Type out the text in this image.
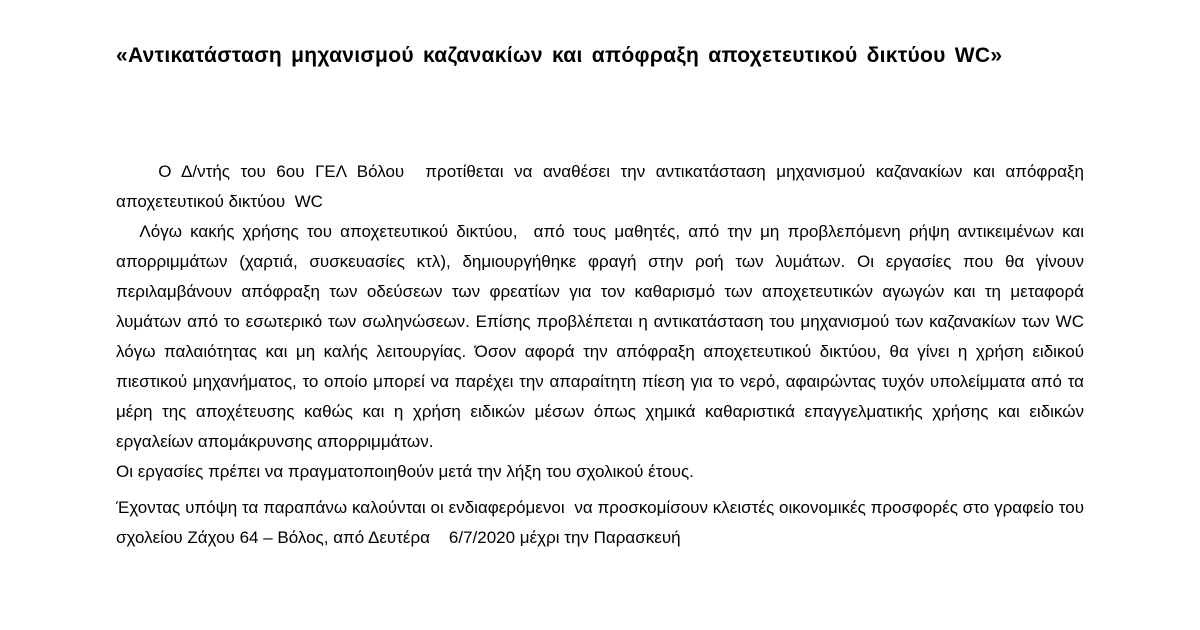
«Αντικατάσταση μηχανισμού καζανακίων και απόφραξη αποχετευτικού δικτύου WC»

Ο Δ/ντής του 6ου ΓΕΛ Βόλου  προτίθεται να αναθέσει την αντικατάσταση μηχανισμού καζανακίων και απόφραξη αποχετευτικού δικτύου  WC

Λόγω κακής χρήσης του αποχετευτικού δικτύου,  από τους μαθητές, από την μη προβλεπόμενη ρήψη αντικειμένων και απορριμμάτων (χαρτιά, συσκευασίες κτλ), δημιουργήθηκε φραγή στην ροή των λυμάτων. Οι εργασίες που θα γίνουν περιλαμβάνουν απόφραξη των οδεύσεων των φρεατίων για τον καθαρισμό των αποχετευτικών αγωγών και τη μεταφορά λυμάτων από το εσωτερικό των σωληνώσεων. Επίσης προβλέπεται η αντικατάσταση του μηχανισμού των καζανακίων των WC λόγω παλαιότητας και μη καλής λειτουργίας. Όσον αφορά την απόφραξη αποχετευτικού δικτύου, θα γίνει η χρήση ειδικού πιεστικού μηχανήματος, το οποίο μπορεί να παρέχει την απαραίτητη πίεση για το νερό, αφαιρώντας τυχόν υπολείμματα από τα μέρη της αποχέτευσης καθώς και η χρήση ειδικών μέσων όπως χημικά καθαριστικά επαγγελματικής χρήσης και ειδικών εργαλείων απομάκρυνσης απορριμμάτων.

Οι εργασίες πρέπει να πραγματοποιηθούν μετά την λήξη του σχολικού έτους.

Έχοντας υπόψη τα παραπάνω καλούνται οι ενδιαφερόμενοι  να προσκομίσουν κλειστές οικονομικές προσφορές στο γραφείο του σχολείου Ζάχου 64 – Βόλος, από Δευτέρα    6/7/2020 μέχρι την Παρασκευή
